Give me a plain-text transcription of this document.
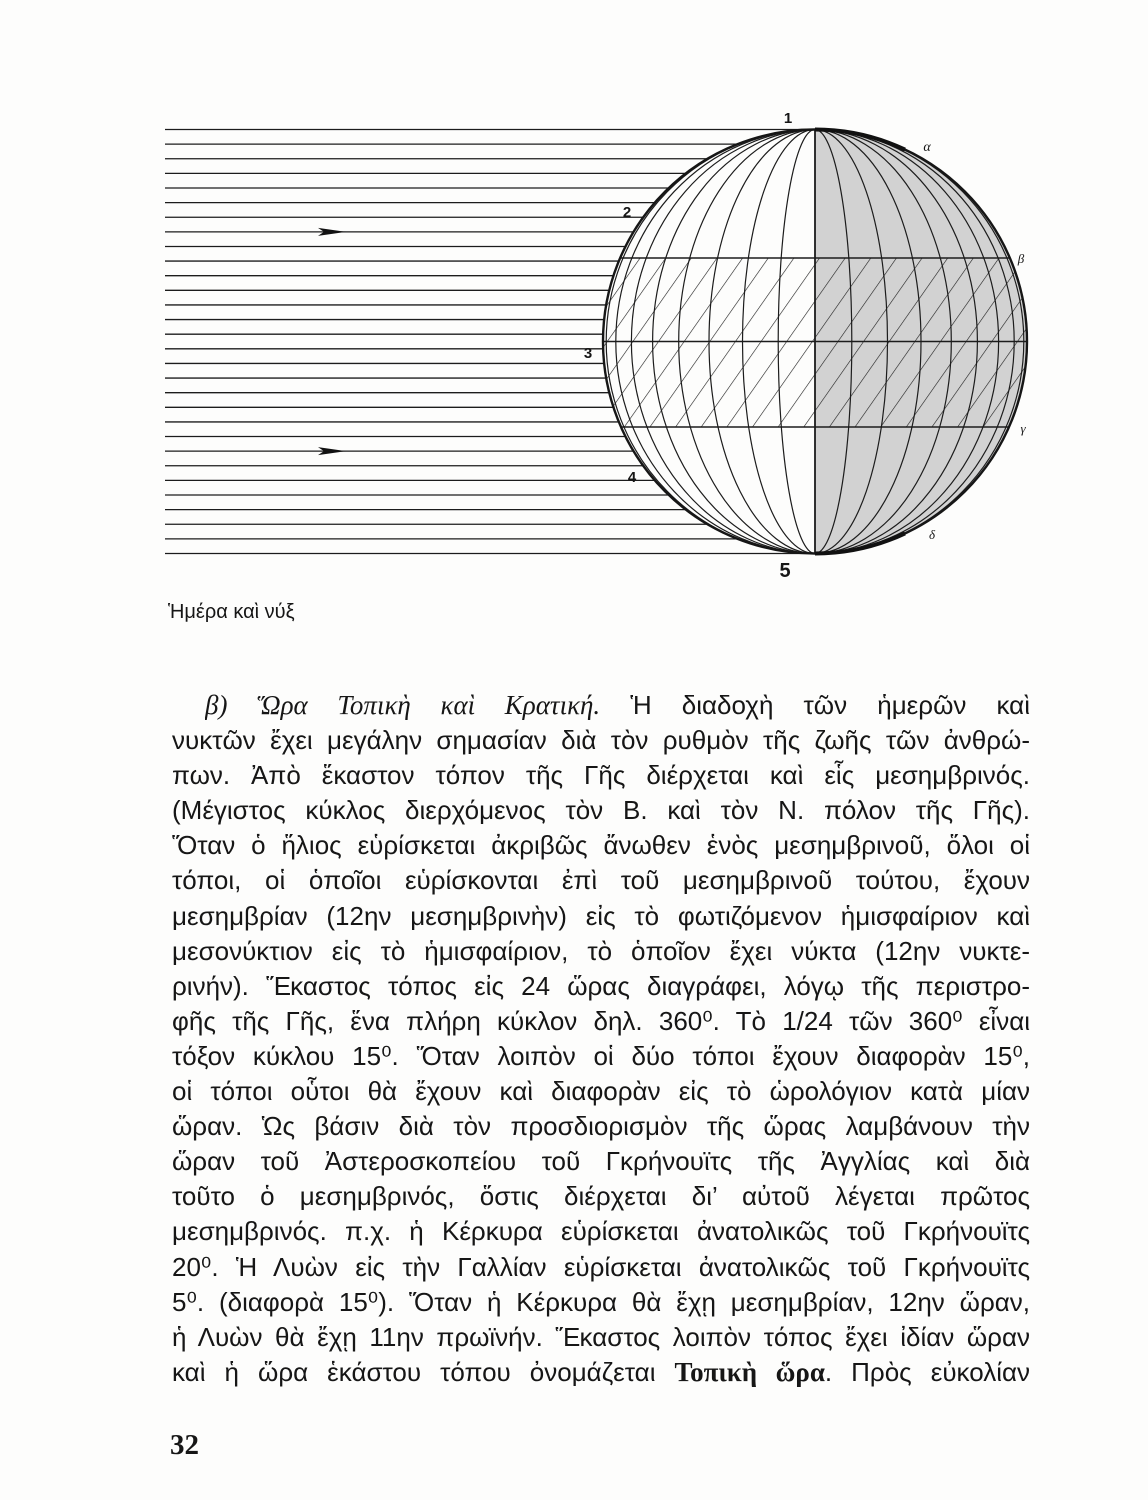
1
2
3
4
5
α
β
γ
δ
Ἡμέρα καὶ νύξ
β) Ὥρα Τοπικὴ καὶ Κρατική. Ἡ διαδοχὴ τῶν ἡμερῶν καὶ
νυκτῶν ἔχει μεγάλην σημασίαν διὰ τὸν ρυθμὸν τῆς ζωῆς τῶν ἀνθρώ-
πων. Ἀπὸ ἕκαστον τόπον τῆς Γῆς διέρχεται καὶ εἷς μεσημβρινός.
(Μέγιστος κύκλος διερχόμενος τὸν Β. καὶ τὸν Ν. πόλον τῆς Γῆς).
Ὅταν ὁ ἥλιος εὑρίσκεται ἀκριβῶς ἄνωθεν ἑνὸς μεσημβρινοῦ, ὅλοι οἱ
τόποι, οἱ ὁποῖοι εὑρίσκονται ἐπὶ τοῦ μεσημβρινοῦ τούτου, ἔχουν
μεσημβρίαν (12ην μεσημβρινὴν) εἰς τὸ φωτιζόμενον ἡμισφαίριον καὶ
μεσονύκτιον εἰς τὸ ἡμισφαίριον, τὸ ὁποῖον ἔχει νύκτα (12ην νυκτε-
ρινήν). Ἕκαστος τόπος εἰς 24 ὥρας διαγράφει, λόγῳ τῆς περιστρο-
φῆς τῆς Γῆς, ἕνα πλήρη κύκλον δηλ. 360⁰. Τὸ 1/24 τῶν 360⁰ εἶναι
τόξον κύκλου 15⁰. Ὅταν λοιπὸν οἱ δύο τόποι ἔχουν διαφορὰν 15⁰,
οἱ τόποι οὗτοι θὰ ἔχουν καὶ διαφορὰν εἰς τὸ ὡρολόγιον κατὰ μίαν
ὥραν. Ὡς βάσιν διὰ τὸν προσδιορισμὸν τῆς ὥρας λαμβάνουν τὴν
ὥραν τοῦ Ἀστεροσκοπείου τοῦ Γκρήνουϊτς τῆς Ἀγγλίας καὶ διὰ
τοῦτο ὁ μεσημβρινός, ὅστις διέρχεται δι’ αὐτοῦ λέγεται πρῶτος
μεσημβρινός. π.χ. ἡ Κέρκυρα εὑρίσκεται ἀνατολικῶς τοῦ Γκρήνουϊτς
20⁰. Ἡ Λυὼν εἰς τὴν Γαλλίαν εὑρίσκεται ἀνατολικῶς τοῦ Γκρήνουϊτς
5⁰. (διαφορὰ 15⁰). Ὅταν ἡ Κέρκυρα θὰ ἔχῃ μεσημβρίαν, 12ην ὥραν,
ἡ Λυὼν θὰ ἔχῃ 11ην πρωϊνήν. Ἕκαστος λοιπὸν τόπος ἔχει ἰδίαν ὥραν
καὶ ἡ ὥρα ἑκάστου τόπου ὀνομάζεται Τοπικὴ ὥρα. Πρὸς εὐκολίαν
32
